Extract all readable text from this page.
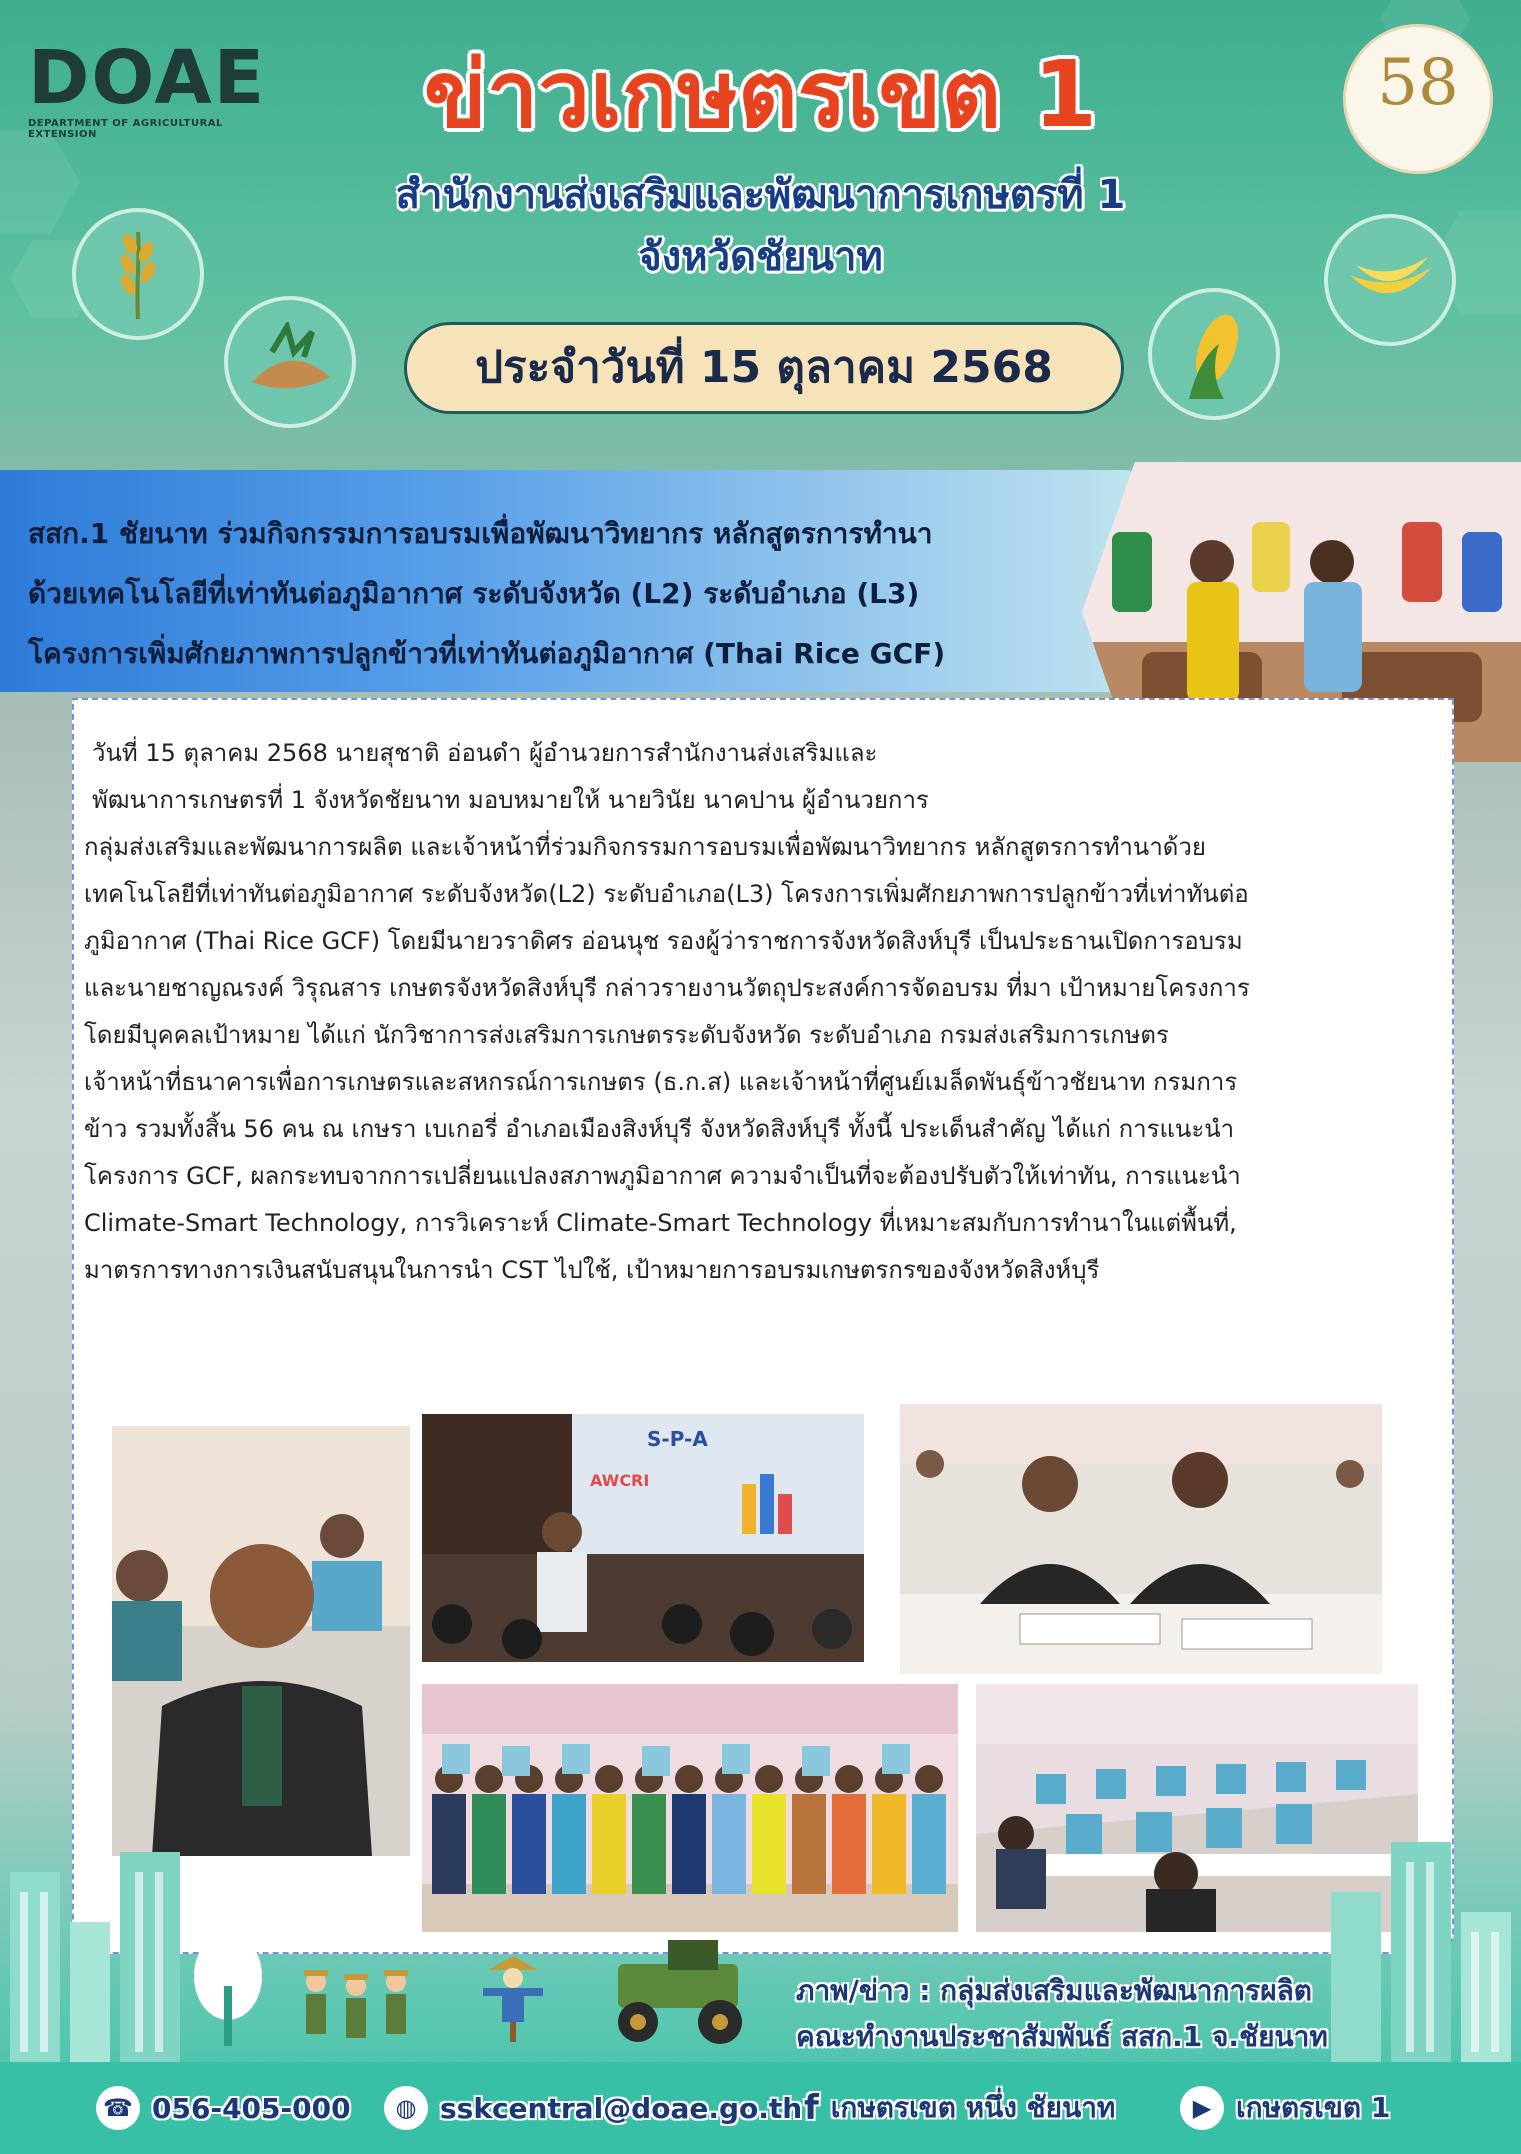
DOAE
DEPARTMENT OF AGRICULTURAL EXTENSION
58
ข่าวเกษตรเขต 1
สำนักงานส่งเสริมและพัฒนาการเกษตรที่ 1
จังหวัดชัยนาท
ประจำวันที่ 15 ตุลาคม 2568

สสก.1 ชัยนาท ร่วมกิจกรรมการอบรมเพื่อพัฒนาวิทยากร หลักสูตรการทำนา

ด้วยเทคโนโลยีที่เท่าทันต่อภูมิอากาศ ระดับจังหวัด (L2) ระดับอำเภอ (L3)

โครงการเพิ่มศักยภาพการปลูกข้าวที่เท่าทันต่อภูมิอากาศ (Thai Rice GCF)

วันที่ 15 ตุลาคม 2568 นายสุชาติ อ่อนดำ ผู้อำนวยการสำนักงานส่งเสริมและ
พัฒนาการเกษตรที่ 1 จังหวัดชัยนาท มอบหมายให้ นายวินัย นาคปาน ผู้อำนวยการ
กลุ่มส่งเสริมและพัฒนาการผลิต และเจ้าหน้าที่ร่วมกิจกรรมการอบรมเพื่อพัฒนาวิทยากร หลักสูตรการทำนาด้วย
เทคโนโลยีที่เท่าทันต่อภูมิอากาศ ระดับจังหวัด(L2) ระดับอำเภอ(L3) โครงการเพิ่มศักยภาพการปลูกข้าวที่เท่าทันต่อ
ภูมิอากาศ (Thai Rice GCF) โดยมีนายวราดิศร อ่อนนุช รองผู้ว่าราชการจังหวัดสิงห์บุรี เป็นประธานเปิดการอบรม
และนายชาญณรงค์ วิรุณสาร เกษตรจังหวัดสิงห์บุรี กล่าวรายงานวัตถุประสงค์การจัดอบรม ที่มา เป้าหมายโครงการ
โดยมีบุคคลเป้าหมาย ได้แก่ นักวิชาการส่งเสริมการเกษตรระดับจังหวัด ระดับอำเภอ กรมส่งเสริมการเกษตร
เจ้าหน้าที่ธนาคารเพื่อการเกษตรและสหกรณ์การเกษตร (ธ.ก.ส) และเจ้าหน้าที่ศูนย์เมล็ดพันธุ์ข้าวชัยนาท กรมการ
ข้าว รวมทั้งสิ้น 56 คน ณ เกษรา เบเกอรี่ อำเภอเมืองสิงห์บุรี จังหวัดสิงห์บุรี ทั้งนี้ ประเด็นสำคัญ ได้แก่ การแนะนำ
โครงการ GCF, ผลกระทบจากการเปลี่ยนแปลงสภาพภูมิอากาศ ความจำเป็นที่จะต้องปรับตัวให้เท่าทัน, การแนะนำ
Climate-Smart Technology, การวิเคราะห์ Climate-Smart Technology ที่เหมาะสมกับการทำนาในแต่พื้นที่,
มาตรการทางการเงินสนับสนุนในการนำ CST ไปใช้, เป้าหมายการอบรมเกษตรกรของจังหวัดสิงห์บุรี
S-P-A
AWCRI
ภาพ/ข่าว : กลุ่มส่งเสริมและพัฒนาการผลิต
คณะทำงานประชาสัมพันธ์ สสก.1 จ.ชัยนาท
☎ 056-405-000	◍ sskcentral@doae.go.th f เกษตรเขต หนึ่ง ชัยนาท	▶ เกษตรเขต 1
